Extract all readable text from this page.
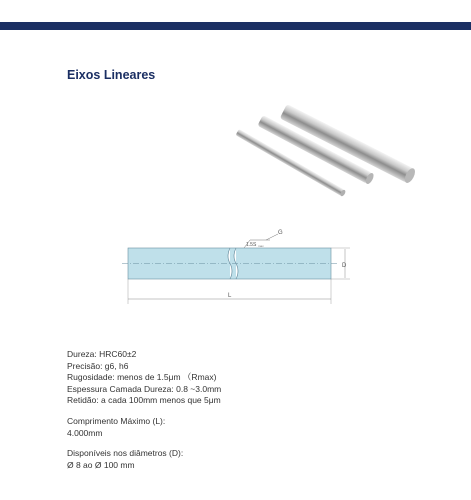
Eixos Lineares
D
L
1.5S max
G
Dureza: HRC60±2
Precisão: g6, h6
Rugosidade: menos de 1.5μm （Rmax)
Espessura Camada Dureza: 0.8 ~3.0mm
Retidão: a cada 100mm menos que 5μm
Comprimento Máximo (L):
4.000mm
Disponíveis nos diâmetros (D):
Ø 8 ao Ø 100 mm
